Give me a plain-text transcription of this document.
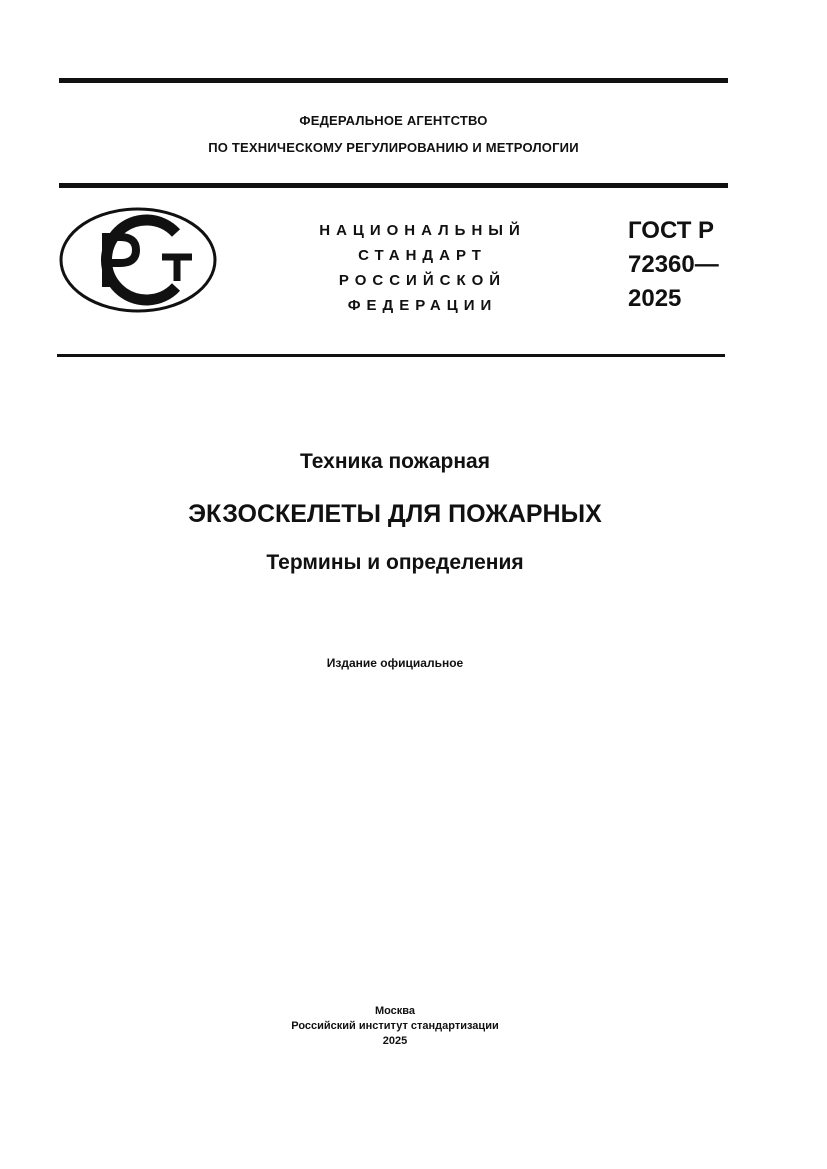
ФЕДЕРАЛЬНОЕ АГЕНТСТВО
ПО ТЕХНИЧЕСКОМУ РЕГУЛИРОВАНИЮ И МЕТРОЛОГИИ
НАЦИОНАЛЬНЫЙ
СТАНДАРТ
РОССИЙСКОЙ
ФЕДЕРАЦИИ
ГОСТ Р
72360—
2025
Техника пожарная
ЭКЗОСКЕЛЕТЫ ДЛЯ ПОЖАРНЫХ
Термины и определения
Издание официальное
Москва
Российский институт стандартизации
2025
